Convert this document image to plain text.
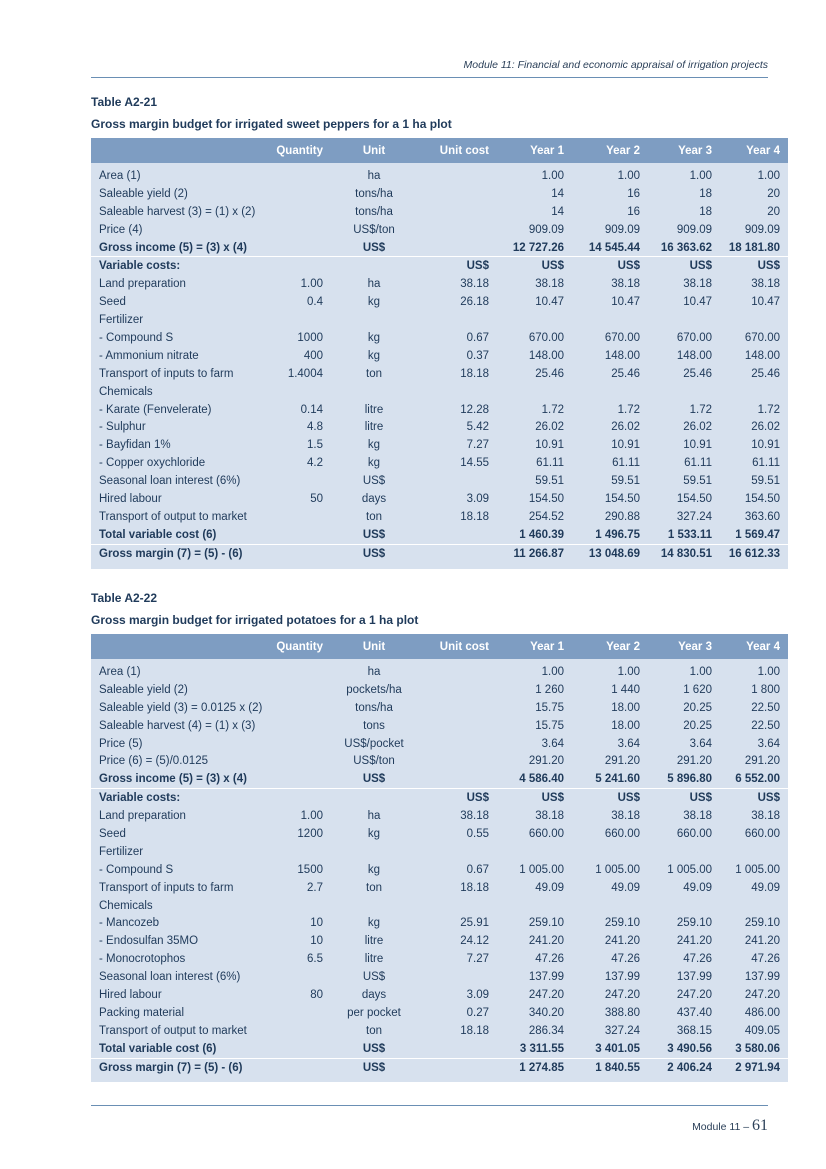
Module 11: Financial and economic appraisal of irrigation projects
Table A2-21
Gross margin budget for irrigated sweet peppers for a 1 ha plot
	Quantity	Unit	Unit cost	Year 1	Year 2	Year 3	Year 4
Area (1)		ha		1.00	1.00	1.00	1.00
Saleable yield (2)		tons/ha		14	16	18	20
Saleable harvest (3) = (1) x (2)		tons/ha		14	16	18	20
Price (4)		US$/ton		909.09	909.09	909.09	909.09
Gross income (5) = (3) x (4)		US$		12 727.26	14 545.44	16 363.62	18 181.80
Variable costs:			US$	US$	US$	US$	US$
Land preparation	1.00	ha	38.18	38.18	38.18	38.18	38.18
Seed	0.4	kg	26.18	10.47	10.47	10.47	10.47
Fertilizer							
- Compound S	1000	kg	0.67	670.00	670.00	670.00	670.00
- Ammonium nitrate	400	kg	0.37	148.00	148.00	148.00	148.00
Transport of inputs to farm	1.4004	ton	18.18	25.46	25.46	25.46	25.46
Chemicals							
- Karate (Fenvelerate)	0.14	litre	12.28	1.72	1.72	1.72	1.72
- Sulphur	4.8	litre	5.42	26.02	26.02	26.02	26.02
- Bayfidan 1%	1.5	kg	7.27	10.91	10.91	10.91	10.91
- Copper oxychloride	4.2	kg	14.55	61.11	61.11	61.11	61.11
Seasonal loan interest (6%)		US$		59.51	59.51	59.51	59.51
Hired labour	50	days	3.09	154.50	154.50	154.50	154.50
Transport of output to market		ton	18.18	254.52	290.88	327.24	363.60
Total variable cost (6)		US$		1 460.39	1 496.75	1 533.11	1 569.47
Gross margin (7) = (5) - (6)		US$		11 266.87	13 048.69	14 830.51	16 612.33
Table A2-22
Gross margin budget for irrigated potatoes for a 1 ha plot
	Quantity	Unit	Unit cost	Year 1	Year 2	Year 3	Year 4
Area (1)		ha		1.00	1.00	1.00	1.00
Saleable yield (2)		pockets/ha		1 260	1 440	1 620	1 800
Saleable yield (3) = 0.0125 x (2)		tons/ha		15.75	18.00	20.25	22.50
Saleable harvest (4) = (1) x (3)		tons		15.75	18.00	20.25	22.50
Price (5)		US$/pocket		3.64	3.64	3.64	3.64
Price (6) = (5)/0.0125		US$/ton		291.20	291.20	291.20	291.20
Gross income (5) = (3) x (4)		US$		4 586.40	5 241.60	5 896.80	6 552.00
Variable costs:			US$	US$	US$	US$	US$
Land preparation	1.00	ha	38.18	38.18	38.18	38.18	38.18
Seed	1200	kg	0.55	660.00	660.00	660.00	660.00
Fertilizer							
- Compound S	1500	kg	0.67	1 005.00	1 005.00	1 005.00	1 005.00
Transport of inputs to farm	2.7	ton	18.18	49.09	49.09	49.09	49.09
Chemicals							
- Mancozeb	10	kg	25.91	259.10	259.10	259.10	259.10
- Endosulfan 35MO	10	litre	24.12	241.20	241.20	241.20	241.20
- Monocrotophos	6.5	litre	7.27	47.26	47.26	47.26	47.26
Seasonal loan interest (6%)		US$		137.99	137.99	137.99	137.99
Hired labour	80	days	3.09	247.20	247.20	247.20	247.20
Packing material		per pocket	0.27	340.20	388.80	437.40	486.00
Transport of output to market		ton	18.18	286.34	327.24	368.15	409.05
Total variable cost (6)		US$		3 311.55	3 401.05	3 490.56	3 580.06
Gross margin (7) = (5) - (6)		US$		1 274.85	1 840.55	2 406.24	2 971.94
Module 11 – 61
